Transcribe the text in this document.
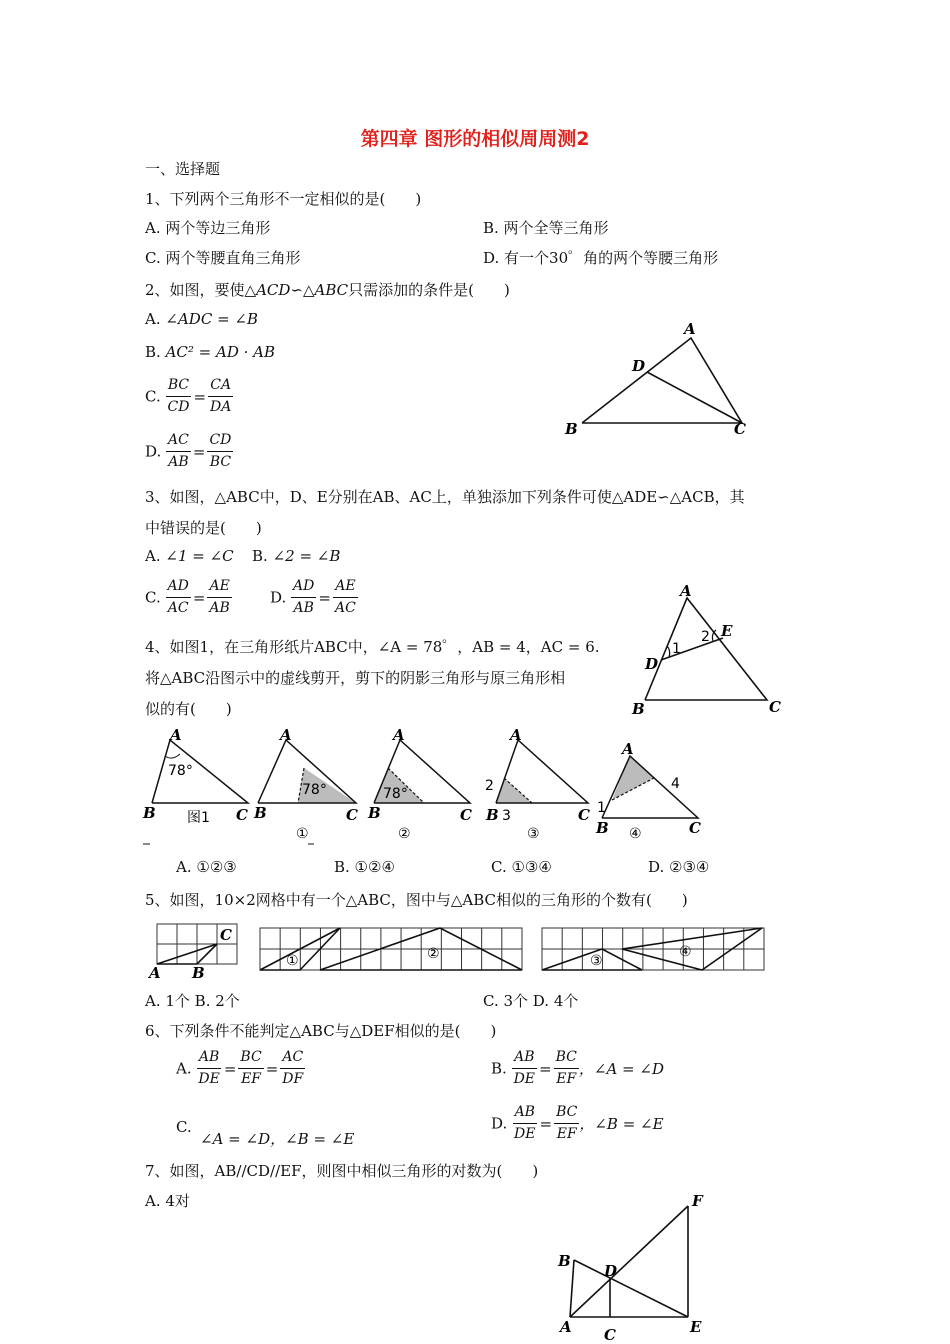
第四章 图形的相似周周测2
一、选择题
1、下列两个三角形不一定相似的是(　　)
A. 两个等边三角形	B. 两个全等三角形
C. 两个等腰直角三角形	D. 有一个30゜角的两个等腰三角形
2、如图，要使△ACD∽△ABC只需添加的条件是(　　)
A. ∠ADC = ∠B
B. AC² = AD · AB
C. $\frac{BC}{CD} = \frac{CA}{DA}$
D. $\frac{AC}{AB} = \frac{CD}{BC}$
A
D
B	C
3、如图，△ABC中，D、E分别在AB、AC上，单独添加下列条件可使△ADE∽△ACB，其
中错误的是(　　)
A. ∠1 = ∠C B. ∠2 = ∠B
C. $\frac{AD}{AC} = \frac{AE}{AB}$	D. $\frac{AD}{AB} = \frac{AE}{AC}$	A
E
D
1
2
B	C
4、如图1，在三角形纸片ABC中，∠A = 78゜，AB = 4，AC = 6.
将△ABC沿图示中的虚线剪开，剪下的阴影三角形与原三角形相
似的有(　　)
78°
A
B	C
图1
78°
A
B	C
①
78°
A
B	C
②
A
2
B 3	C
③
A
4
1
B	C
④
A. ①②③	B. ①②④	C. ①③④	D. ②③④
5、如图，10×2网格中有一个△ABC，图中与△ABC相似的三角形的个数有(　　)
A B
C
①	②	③
④
A. 1个 B. 2个	C. 3个 D. 4个
6、下列条件不能判定△ABC与△DEF相似的是(　　)
A. $\frac{AB}{DE} = \frac{BC}{EF} = \frac{AC}{DF}$	B. $\frac{AB}{DE} = \frac{BC}{EF}$ ，∠A = ∠D
C.
∠A = ∠D，∠B = ∠E
D. $\frac{AB}{DE} = \frac{BC}{EF}$ ，∠B = ∠E
7、如图，AB//CD//EF，则图中相似三角形的对数为(　　)
A. 4对	F
B
D
A C	E
